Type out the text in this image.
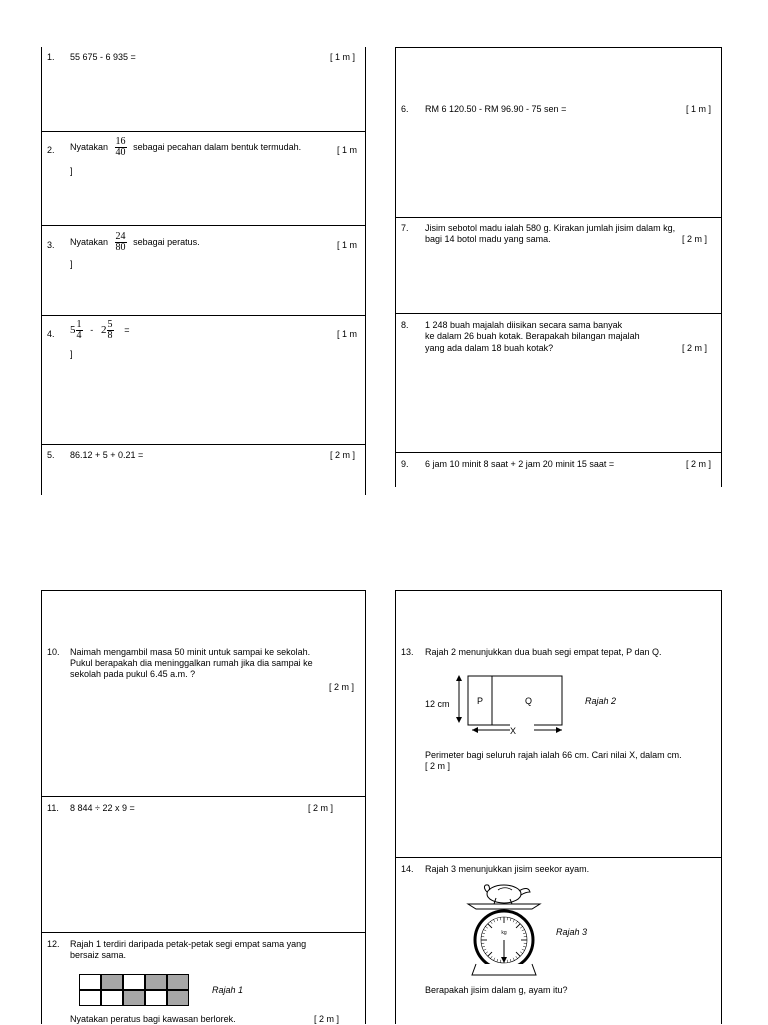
1. 55 675 - 6 935 =	[ 1 m ]
2. Nyatakan $\frac{16}{40}$ sebagai pecahan dalam bentuk termudah.	[ 1 m
]
3. Nyatakan $\frac{24}{80}$ sebagai peratus.	[ 1 m
]
4. $5 \frac{1}{4} - 2 \frac{5}{8}$ =	[ 1 m
]
5. 86.12 + 5 + 0.21 =	[ 2 m ]
6. RM 6 120.50 - RM 96.90 - 75 sen =	[ 1 m ]
7. Jisim sebotol madu ialah 580 g. Kirakan jumlah jisim dalam kg,
bagi 14 botol madu yang sama.	[ 2 m ]
8. 1 248 buah majalah diisikan secara sama banyak
ke dalam 26 buah kotak. Berapakah bilangan majalah
yang ada dalam 18 buah kotak?	[ 2 m ]
9. 6 jam 10 minit 8 saat + 2 jam 20 minit 15 saat =	[ 2 m ]
10. Naimah mengambil masa 50 minit untuk sampai ke sekolah.
Pukul berapakah dia meninggalkan rumah jika dia sampai ke
sekolah pada pukul 6.45 a.m. ?
[ 2 m ]
11. 8 844 ÷ 22 x 9 =	[ 2 m ]
12. Rajah 1 terdiri daripada petak-petak segi empat sama yang
bersaiz sama.
Rajah 1
Nyatakan peratus bagi kawasan berlorek.	[ 2 m ]
13. Rajah 2 menunjukkan dua buah segi empat tepat, P dan Q.
12 cm	P	Q
X
Rajah 2
Perimeter bagi seluruh rajah ialah 66 cm. Cari nilai X, dalam cm.
[ 2 m ]
14. Rajah 3 menunjukkan jisim seekor ayam.
kg	Rajah 3
Berapakah jisim dalam g, ayam itu?
